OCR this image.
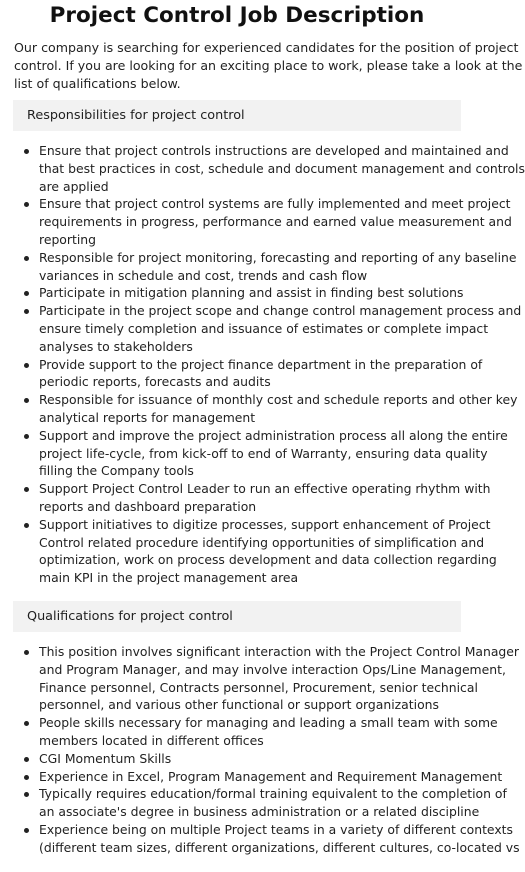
Project Control Job Description
Our company is searching for experienced candidates for the position of project
control. If you are looking for an exciting place to work, please take a look at the
list of qualifications below.
Responsibilities for project control
Ensure that project controls instructions are developed and maintained and
that best practices in cost, schedule and document management and controls
are applied
Ensure that project control systems are fully implemented and meet project
requirements in progress, performance and earned value measurement and
reporting
Responsible for project monitoring, forecasting and reporting of any baseline
variances in schedule and cost, trends and cash flow
Participate in mitigation planning and assist in finding best solutions
Participate in the project scope and change control management process and
ensure timely completion and issuance of estimates or complete impact
analyses to stakeholders
Provide support to the project finance department in the preparation of
periodic reports, forecasts and audits
Responsible for issuance of monthly cost and schedule reports and other key
analytical reports for management
Support and improve the project administration process all along the entire
project life-cycle, from kick-off to end of Warranty, ensuring data quality
filling the Company tools
Support Project Control Leader to run an effective operating rhythm with
reports and dashboard preparation
Support initiatives to digitize processes, support enhancement of Project
Control related procedure identifying opportunities of simplification and
optimization, work on process development and data collection regarding
main KPI in the project management area
Qualifications for project control
This position involves significant interaction with the Project Control Manager
and Program Manager, and may involve interaction Ops/Line Management,
Finance personnel, Contracts personnel, Procurement, senior technical
personnel, and various other functional or support organizations
People skills necessary for managing and leading a small team with some
members located in different offices
CGI Momentum Skills
Experience in Excel, Program Management and Requirement Management
Typically requires education/formal training equivalent to the completion of
an associate's degree in business administration or a related discipline
Experience being on multiple Project teams in a variety of different contexts
(different team sizes, different organizations, different cultures, co-located vs
